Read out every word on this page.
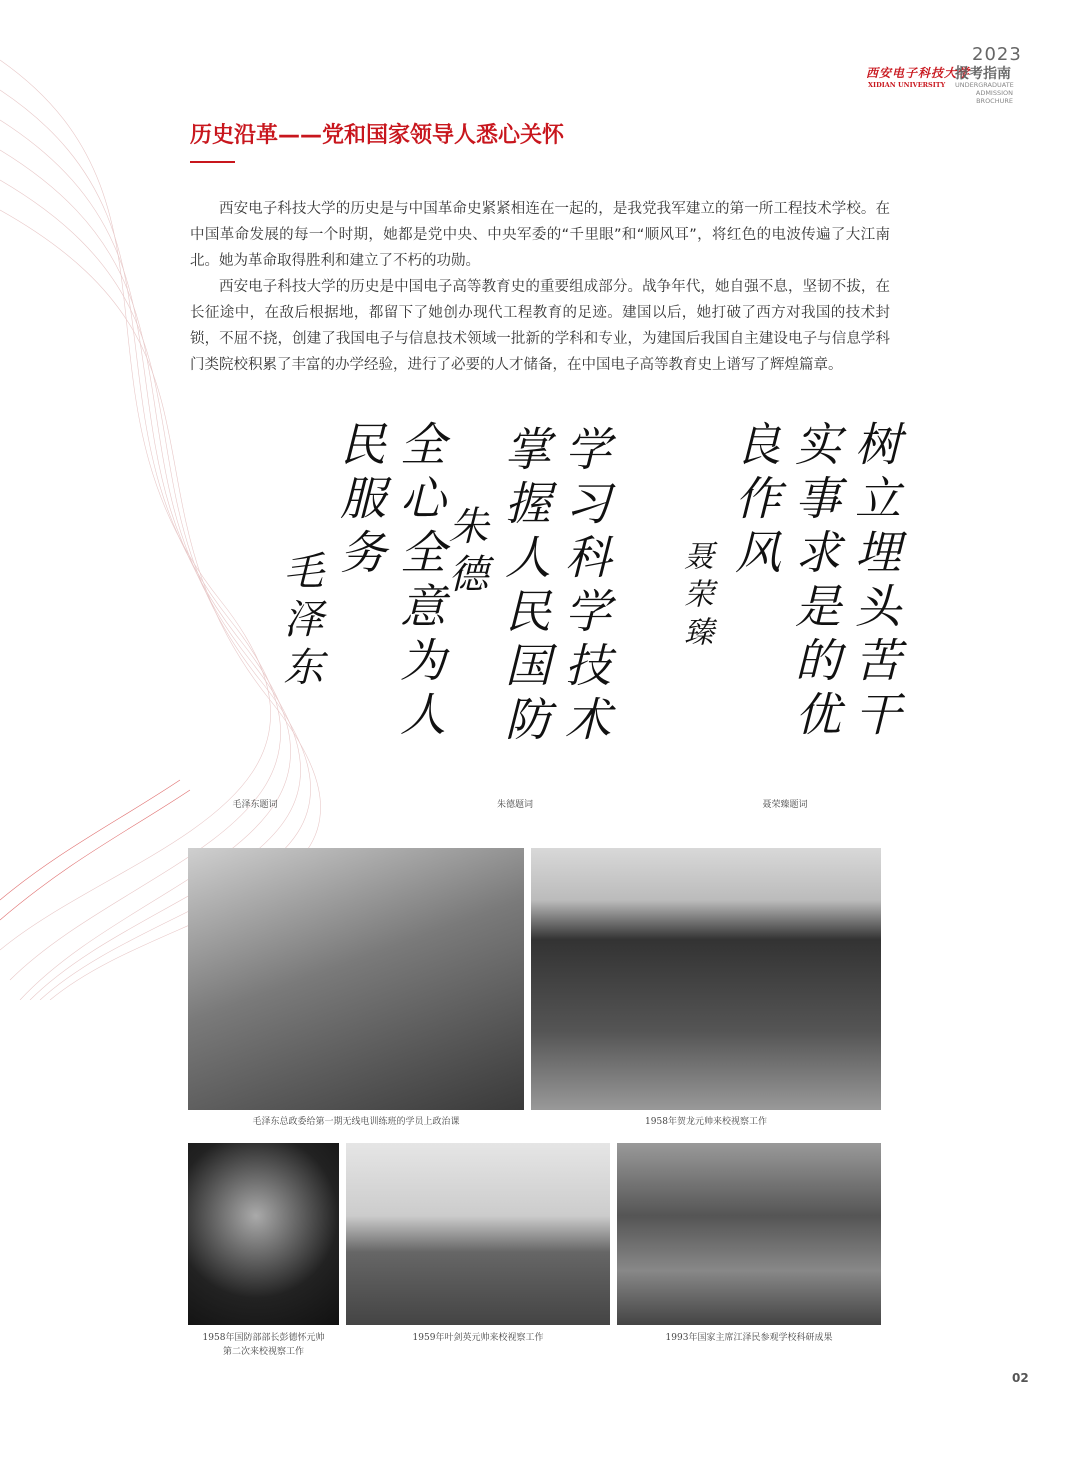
西安电子科技大学
XIDIAN UNIVERSITY
2023
报考指南
UNDERGRADUATE
ADMISSION
BROCHURE
历史沿革——党和国家领导人悉心关怀

西安电子科技大学的历史是与中国革命史紧紧相连在一起的，是我党我军建立的第一所工程技术学校。在中国革命发展的每一个时期，她都是党中央、中央军委的“千里眼”和“顺风耳”，将红色的电波传遍了大江南北。她为革命取得胜利和建立了不朽的功勋。

西安电子科技大学的历史是中国电子高等教育史的重要组成部分。战争年代，她自强不息，坚韧不拔，在长征途中，在敌后根据地，都留下了她创办现代工程教育的足迹。建国以后，她打破了西方对我国的技术封锁，不屈不挠，创建了我国电子与信息技术领域一批新的学科和专业，为建国后我国自主建设电子与信息学科门类院校积累了丰富的办学经验，进行了必要的人才储备，在中国电子高等教育史上谱写了辉煌篇章。

全心全意为人
民服务
毛泽东
毛泽东题词
学习科学技术
掌握人民国防
朱德
朱德题词
树立埋头苦干
实事求是的优
良作风
聂荣臻
聂荣臻题词
毛泽东总政委给第一期无线电训练班的学员上政治课	1958年贺龙元帅来校视察工作
1958年国防部部长彭德怀元帅
第二次来校视察工作
1959年叶剑英元帅来校视察工作	1993年国家主席江泽民参观学校科研成果
02
